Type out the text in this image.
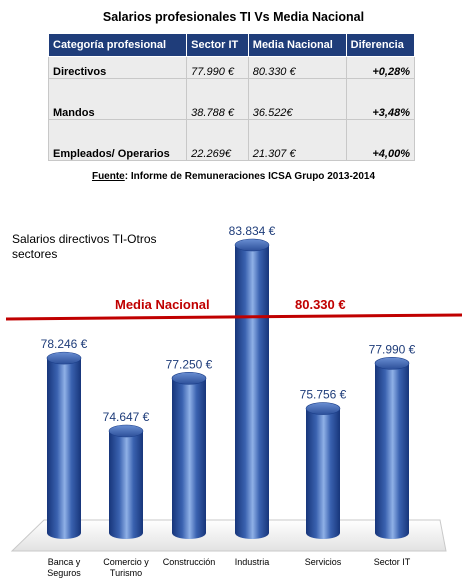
Salarios profesionales TI Vs Media Nacional
Categoría profesional	Sector IT	Media Nacional	Diferencia
Directivos	77.990 €	80.330 €	+0,28%
Mandos	38.788 €	36.522€	+3,48%
Empleados/ Operarios	22.269€	21.307 €	+4,00%
Fuente: Informe de Remuneraciones ICSA Grupo 2013-2014
78.246 €
Banca y Seguros
74.647 €
Comercio y Turismo
77.250 €
Construcción
83.834 €
Industria
75.756 €
Servicios
77.990 €
Sector IT
Media Nacional	80.330 €
Salarios directivos TI-Otros sectores
